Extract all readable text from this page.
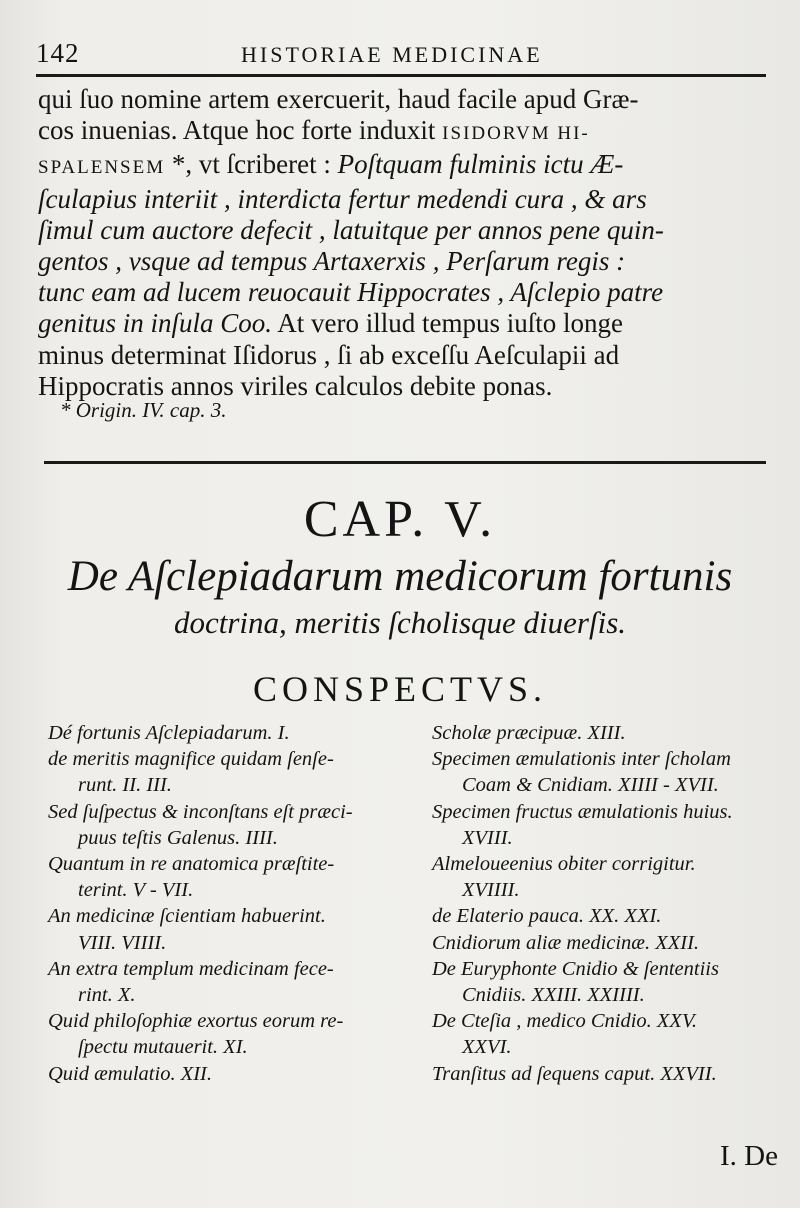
142	HISTORIAE MEDICINAE
qui ſuo nomine artem exercuerit, haud facile apud Græ-
cos inuenias. Atque hoc forte induxit ISIDORVM HI-
SPALENSEM *, vt ſcriberet : Poſtquam fulminis ictu Æ-
ſculapius interiit , interdicta fertur medendi cura , & ars
ſimul cum auctore defecit , latuitque per annos pene quin-
gentos , vsque ad tempus Artaxerxis , Perſarum regis :
tunc eam ad lucem reuocauit Hippocrates , Aſclepio patre
genitus in inſula Coo. At vero illud tempus iuſto longe
minus determinat Iſidorus , ſi ab exceſſu Aeſculapii ad
Hippocratis annos viriles calculos debite ponas.
* Origin. IV. cap. 3.
CAP. V.
De Aſclepiadarum medicorum fortunis
doctrina, meritis ſcholisque diuerſis.
CONSPECTVS.
Dé fortunis Aſclepiadarum. I.
de meritis magnifice quidam ſenſe-
runt. II. III.
Sed ſuſpectus & inconſtans eſt præci-
puus teſtis Galenus. IIII.
Quantum in re anatomica præſtite-
terint. V - VII.
An medicinæ ſcientiam habuerint.
VIII. VIIII.
An extra templum medicinam fece-
rint. X.
Quid philoſophiæ exortus eorum re-
ſpectu mutauerit. XI.
Quid æmulatio. XII.
Scholæ præcipuæ. XIII.
Specimen æmulationis inter ſcholam
Coam & Cnidiam. XIIII - XVII.
Specimen fructus æmulationis huius.
XVIII.
Almeloueenius obiter corrigitur.
XVIIII.
de Elaterio pauca. XX. XXI.
Cnidiorum aliæ medicinæ. XXII.
De Euryphonte Cnidio & ſententiis
Cnidiis. XXIII. XXIIII.
De Cteſia , medico Cnidio. XXV.
XXVI.
Tranſitus ad ſequens caput. XXVII.
I. De
